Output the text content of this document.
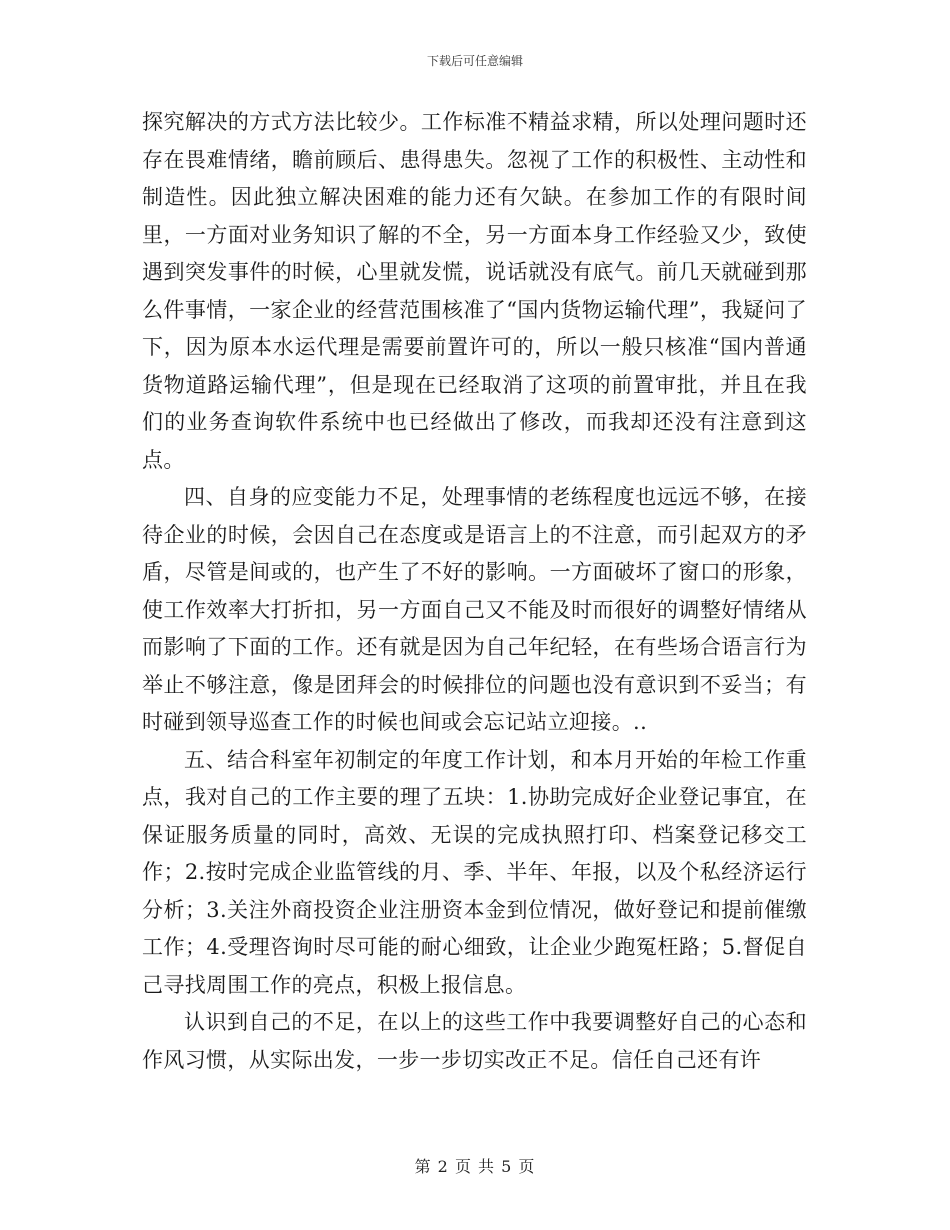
下载后可任意编辑

探究解决的方式方法比较少。工作标准不精益求精，所以处理问题时还存在畏难情绪，瞻前顾后、患得患失。忽视了工作的积极性、主动性和制造性。因此独立解决困难的能力还有欠缺。在参加工作的有限时间里，一方面对业务知识了解的不全，另一方面本身工作经验又少，致使遇到突发事件的时候，心里就发慌，说话就没有底气。前几天就碰到那么件事情，一家企业的经营范围核准了“国内货物运输代理”，我疑问了下，因为原本水运代理是需要前置许可的，所以一般只核准“国内普通货物道路运输代理”，但是现在已经取消了这项的前置审批，并且在我们的业务查询软件系统中也已经做出了修改，而我却还没有注意到这点。

四、自身的应变能力不足，处理事情的老练程度也远远不够，在接待企业的时候，会因自己在态度或是语言上的不注意，而引起双方的矛盾，尽管是间或的，也产生了不好的影响。一方面破坏了窗口的形象，使工作效率大打折扣，另一方面自己又不能及时而很好的调整好情绪从而影响了下面的工作。还有就是因为自己年纪轻，在有些场合语言行为举止不够注意，像是团拜会的时候排位的问题也没有意识到不妥当；有时碰到领导巡查工作的时候也间或会忘记站立迎接。..

五、结合科室年初制定的年度工作计划，和本月开始的年检工作重点，我对自己的工作主要的理了五块：1.协助完成好企业登记事宜，在保证服务质量的同时，高效、无误的完成执照打印、档案登记移交工作；2.按时完成企业监管线的月、季、半年、年报，以及个私经济运行分析；3.关注外商投资企业注册资本金到位情况，做好登记和提前催缴工作；4.受理咨询时尽可能的耐心细致，让企业少跑冤枉路；5.督促自己寻找周围工作的亮点，积极上报信息。

认识到自己的不足，在以上的这些工作中我要调整好自己的心态和作风习惯，从实际出发，一步一步切实改正不足。信任自己还有许

第 2 页 共 5 页
